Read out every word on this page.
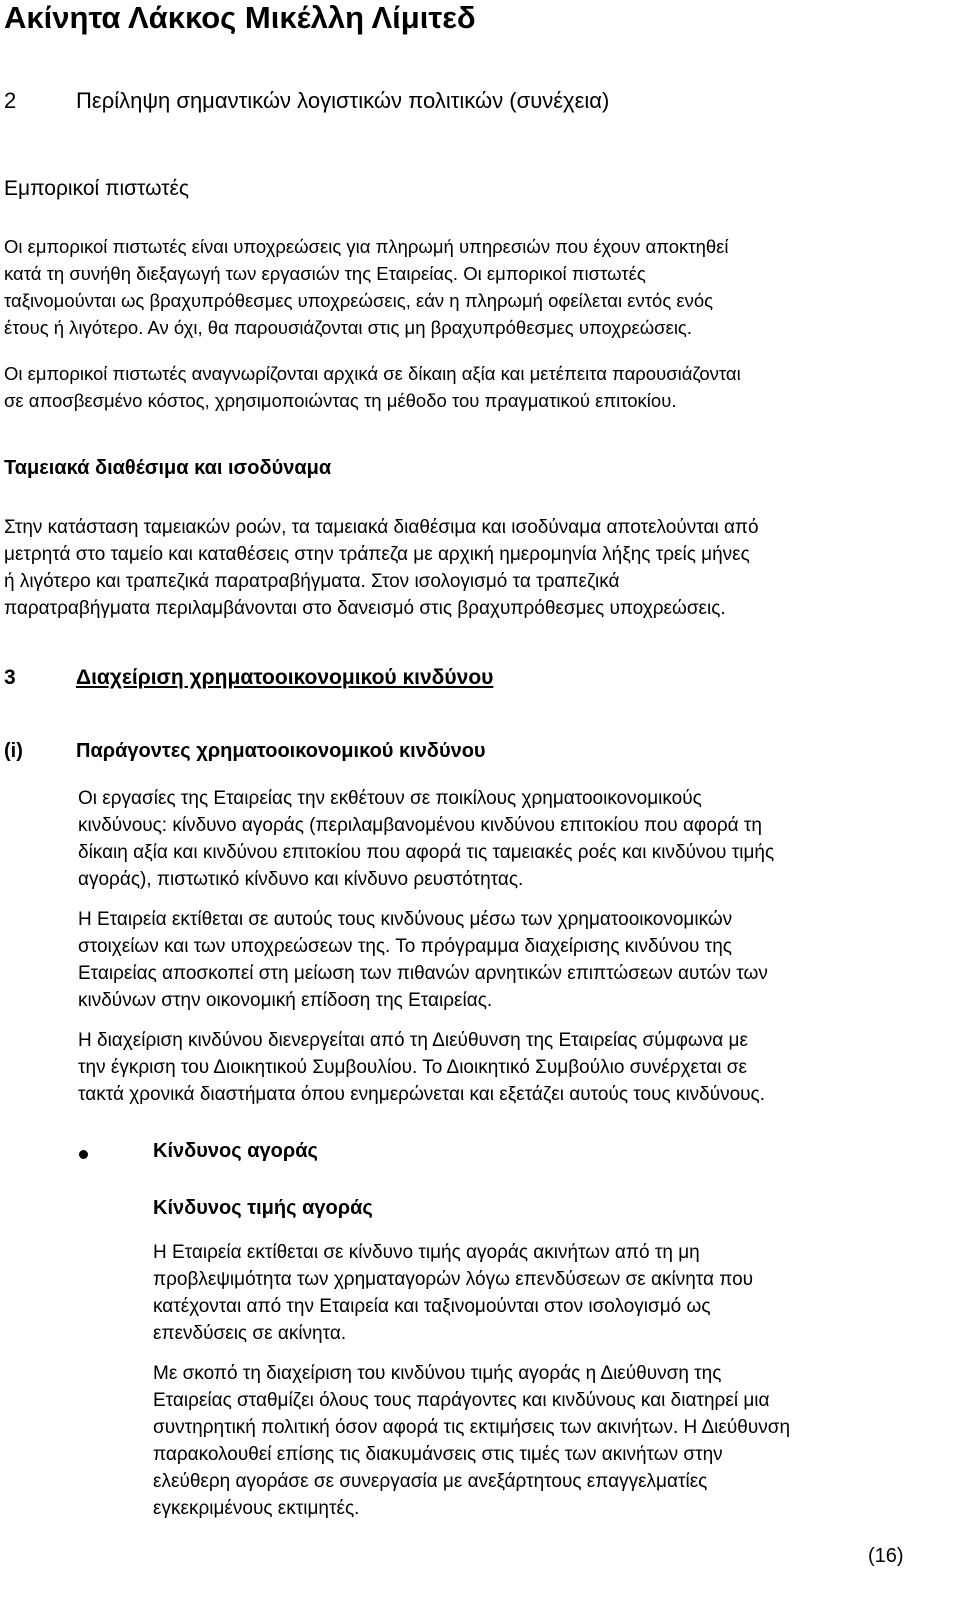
Ακίνητα Λάκκος Μικέλλη Λίμιτεδ
2	Περίληψη σημαντικών λογιστικών πολιτικών (συνέχεια)
Εμπορικοί πιστωτές
Οι εμπορικοί πιστωτές είναι υποχρεώσεις για πληρωμή υπηρεσιών που έχουν αποκτηθεί
κατά τη συνήθη διεξαγωγή των εργασιών της Εταιρείας. Οι εμπορικοί πιστωτές
ταξινομούνται ως βραχυπρόθεσμες υποχρεώσεις, εάν η πληρωμή οφείλεται εντός ενός
έτους ή λιγότερο. Αν όχι, θα παρουσιάζονται στις μη βραχυπρόθεσμες υποχρεώσεις.
Οι εμπορικοί πιστωτές αναγνωρίζονται αρχικά σε δίκαιη αξία και μετέπειτα παρουσιάζονται
σε αποσβεσμένο κόστος, χρησιμοποιώντας τη μέθοδο του πραγματικού επιτοκίου.
Ταμειακά διαθέσιμα και ισοδύναμα
Στην κατάσταση ταμειακών ροών, τα ταμειακά διαθέσιμα και ισοδύναμα αποτελούνται από
μετρητά στο ταμείο και καταθέσεις στην τράπεζα με αρχική ημερομηνία λήξης τρείς μήνες
ή λιγότερο και τραπεζικά παρατραβήγματα. Στον ισολογισμό τα τραπεζικά
παρατραβήγματα περιλαμβάνονται στο δανεισμό στις βραχυπρόθεσμες υποχρεώσεις.
3	Διαχείριση χρηματοοικονομικού κινδύνου
(i)	Παράγοντες χρηματοοικονομικού κινδύνου
Οι εργασίες της Εταιρείας την εκθέτουν σε ποικίλους χρηματοοικονομικούς
κινδύνους: κίνδυνο αγοράς (περιλαμβανομένου κινδύνου επιτοκίου που αφορά τη
δίκαιη αξία και κινδύνου επιτοκίου που αφορά τις ταμειακές ροές και κινδύνου τιμής
αγοράς), πιστωτικό κίνδυνο και κίνδυνο ρευστότητας.
Η Εταιρεία εκτίθεται σε αυτούς τους κινδύνους μέσω των χρηματοοικονομικών
στοιχείων και των υποχρεώσεων της. Το πρόγραμμα διαχείρισης κινδύνου της
Εταιρείας αποσκοπεί στη μείωση των πιθανών αρνητικών επιπτώσεων αυτών των
κινδύνων στην οικονομική επίδοση της Εταιρείας.
Η διαχείριση κινδύνου διενεργείται από τη Διεύθυνση της Εταιρείας σύμφωνα με
την έγκριση του Διοικητικού Συμβουλίου. Το Διοικητικό Συμβούλιο συνέρχεται σε
τακτά χρονικά διαστήματα όπου ενημερώνεται και εξετάζει αυτούς τους κινδύνους.
Κίνδυνος αγοράς
Κίνδυνος τιμής αγοράς
Η Εταιρεία εκτίθεται σε κίνδυνο τιμής αγοράς ακινήτων από τη μη
προβλεψιμότητα των χρηματαγορών λόγω επενδύσεων σε ακίνητα που
κατέχονται από την Εταιρεία και ταξινομούνται στον ισολογισμό ως
επενδύσεις σε ακίνητα.
Με σκοπό τη διαχείριση του κινδύνου τιμής αγοράς η Διεύθυνση της
Εταιρείας σταθμίζει όλους τους παράγοντες και κινδύνους και διατηρεί μια
συντηρητική πολιτική όσον αφορά τις εκτιμήσεις των ακινήτων. Η Διεύθυνση
παρακολουθεί επίσης τις διακυμάνσεις στις τιμές των ακινήτων στην
ελεύθερη αγοράσε σε συνεργασία με ανεξάρτητους επαγγελματίες
εγκεκριμένους εκτιμητές.
(16)
